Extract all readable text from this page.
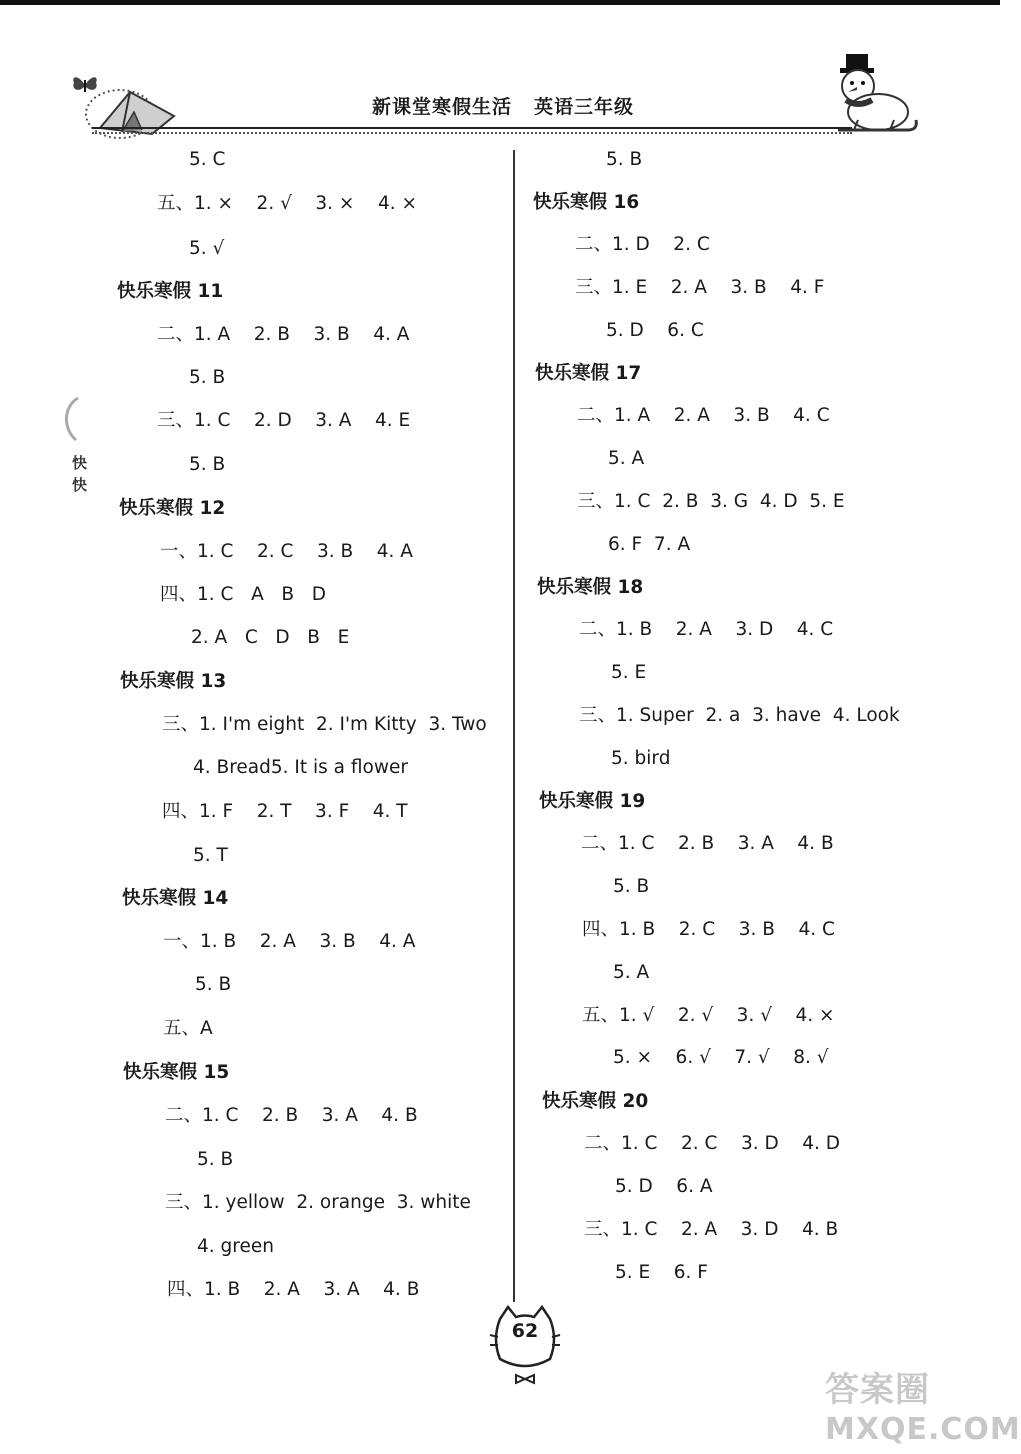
新课堂寒假生活 英语三年级
5. C
五、1. ×    2. √    3. ×    4. ×
5. √
快乐寒假 11
二、1. A    2. B    3. B    4. A
5. B
三、1. C    2. D    3. A    4. E
5. B
快乐寒假 12
一、1. C    2. C    3. B    4. A
四、1. C   A   B   D
2. A   C   D   B   E
快乐寒假 13
三、1. I'm eight  2. I'm Kitty  3. Two
4. Bread5. It is a flower
四、1. F    2. T    3. F    4. T
5. T
快乐寒假 14
一、1. B    2. A    3. B    4. A
5. B
五、A
快乐寒假 15
二、1. C    2. B    3. A    4. B
5. B
三、1. yellow  2. orange  3. white
4. green
四、1. B    2. A    3. A    4. B
5. B
快乐寒假 16
二、1. D    2. C
三、1. E    2. A    3. B    4. F
5. D    6. C
快乐寒假 17
二、1. A    2. A    3. B    4. C
5. A
三、1. C  2. B  3. G  4. D  5. E
6. F  7. A
快乐寒假 18
二、1. B    2. A    3. D    4. C
5. E
三、1. Super  2. a  3. have  4. Look
5. bird
快乐寒假 19
二、1. C    2. B    3. A    4. B
5. B
四、1. B    2. C    3. B    4. C
5. A
五、1. √    2. √    3. √    4. ×
5. ×    6. √    7. √    8. √
快乐寒假 20
二、1. C    2. C    3. D    4. D
5. D    6. A
三、1. C    2. A    3. D    4. B
5. E    6. F
快
快
62
答案圈
MXQE.COM
